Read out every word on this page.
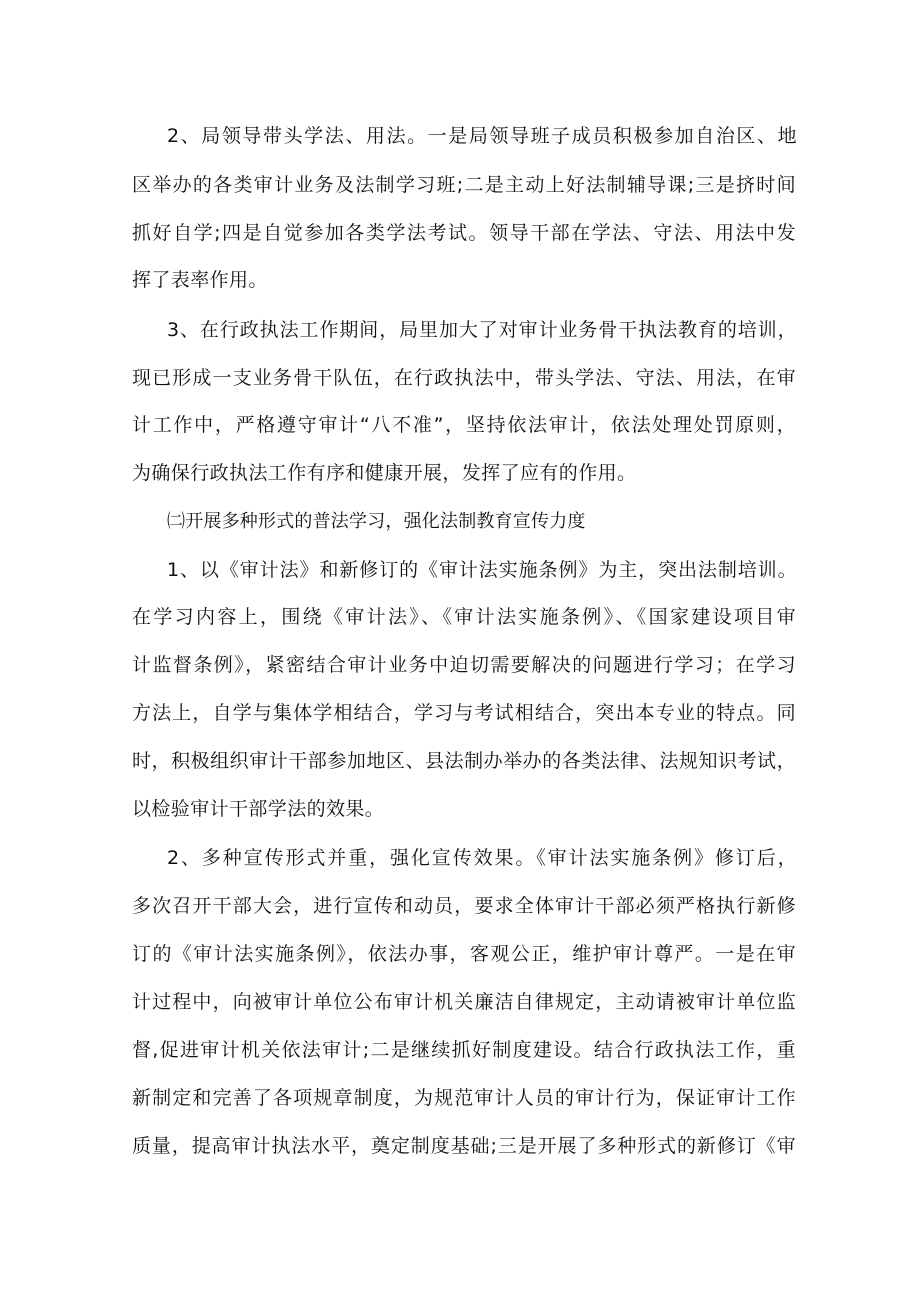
2、局领导带头学法、用法。一是局领导班子成员积极参加自治区、地
区举办的各类审计业务及法制学习班;二是主动上好法制辅导课;三是挤时间
抓好自学;四是自觉参加各类学法考试。领导干部在学法、守法、用法中发
挥了表率作用。
3、在行政执法工作期间，局里加大了对审计业务骨干执法教育的培训，
现已形成一支业务骨干队伍，在行政执法中，带头学法、守法、用法，在审
计工作中，严格遵守审计“八不准”，坚持依法审计，依法处理处罚原则，
为确保行政执法工作有序和健康开展，发挥了应有的作用。
㈡开展多种形式的普法学习，强化法制教育宣传力度
1、以《审计法》和新修订的《审计法实施条例》为主，突出法制培训。
在学习内容上，围绕《审计法》、《审计法实施条例》、《国家建设项目审
计监督条例》，紧密结合审计业务中迫切需要解决的问题进行学习；在学习
方法上，自学与集体学相结合，学习与考试相结合，突出本专业的特点。同
时，积极组织审计干部参加地区、县法制办举办的各类法律、法规知识考试，
以检验审计干部学法的效果。
2、多种宣传形式并重，强化宣传效果。《审计法实施条例》修订后，
多次召开干部大会，进行宣传和动员，要求全体审计干部必须严格执行新修
订的《审计法实施条例》，依法办事，客观公正，维护审计尊严。一是在审
计过程中，向被审计单位公布审计机关廉洁自律规定，主动请被审计单位监
督,促进审计机关依法审计;二是继续抓好制度建设。结合行政执法工作，重
新制定和完善了各项规章制度，为规范审计人员的审计行为，保证审计工作
质量，提高审计执法水平，奠定制度基础;三是开展了多种形式的新修订《审
